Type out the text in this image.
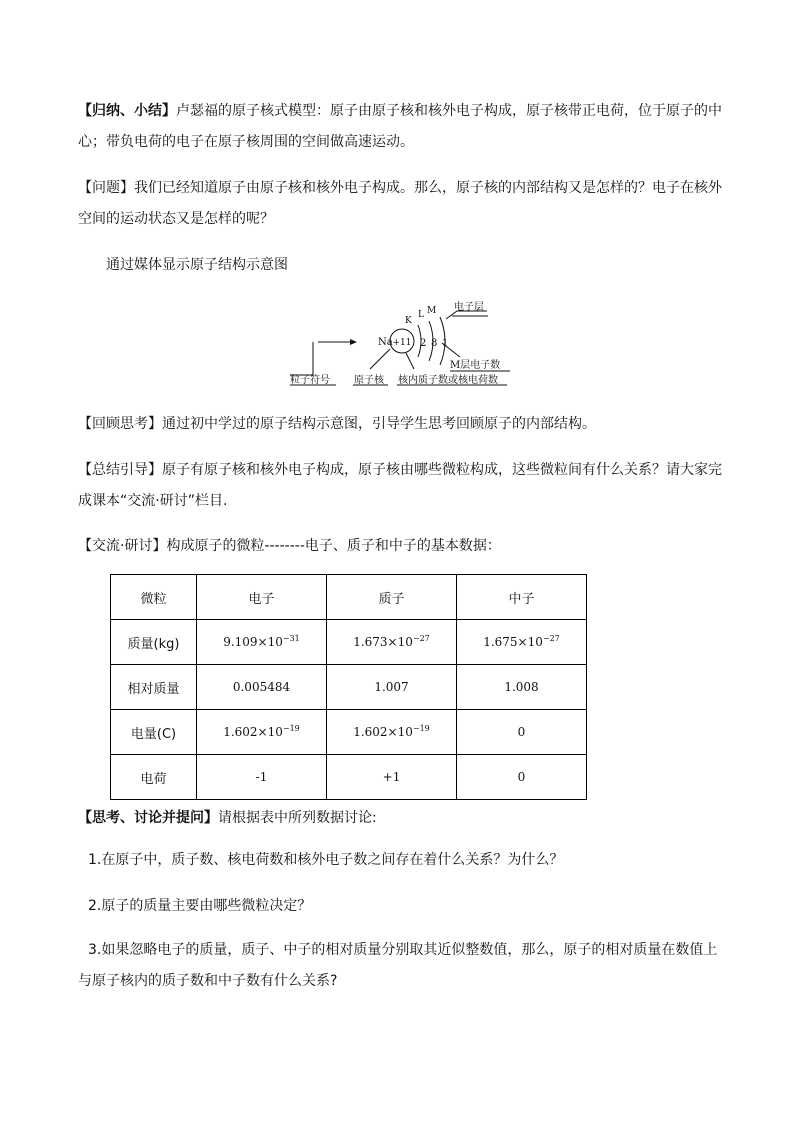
【归纳、小结】卢瑟福的原子核式模型：原子由原子核和核外电子构成，原子核带正电荷，位于原子的中心；带负电荷的电子在原子核周围的空间做高速运动。

【问题】我们已经知道原子由原子核和核外电子构成。那么，原子核的内部结构又是怎样的？电子在核外空间的运动状态又是怎样的呢？

通过媒体显示原子结构示意图

Na +11 2 8 1
K
L M 电子层
M层电子数
粒子符号 原子核 核内质子数或核电荷数

【回顾思考】通过初中学过的原子结构示意图，引导学生思考回顾原子的内部结构。

【总结引导】原子有原子核和核外电子构成，原子核由哪些微粒构成，这些微粒间有什么关系？请大家完成课本“交流·研讨”栏目.

【交流·研讨】构成原子的微粒--------电子、质子和中子的基本数据：

微粒	电子	质子	中子
质量(kg)	$9.109\times 10^{-31}$	$1.673\times 10^{-27}$	$1.675\times 10^{-27}$
相对质量	0.005484	1.007	1.008
电量(C)	$1.602\times 10^{-19}$	$1.602\times 10^{-19}$	0
电荷	-1	+1	0

【思考、讨论并提问】请根据表中所列数据讨论:

1.在原子中，质子数、核电荷数和核外电子数之间存在着什么关系？为什么？

2.原子的质量主要由哪些微粒决定？

3.如果忽略电子的质量，质子、中子的相对质量分别取其近似整数值，那么，原子的相对质量在数值上与原子核内的质子数和中子数有什么关系?
